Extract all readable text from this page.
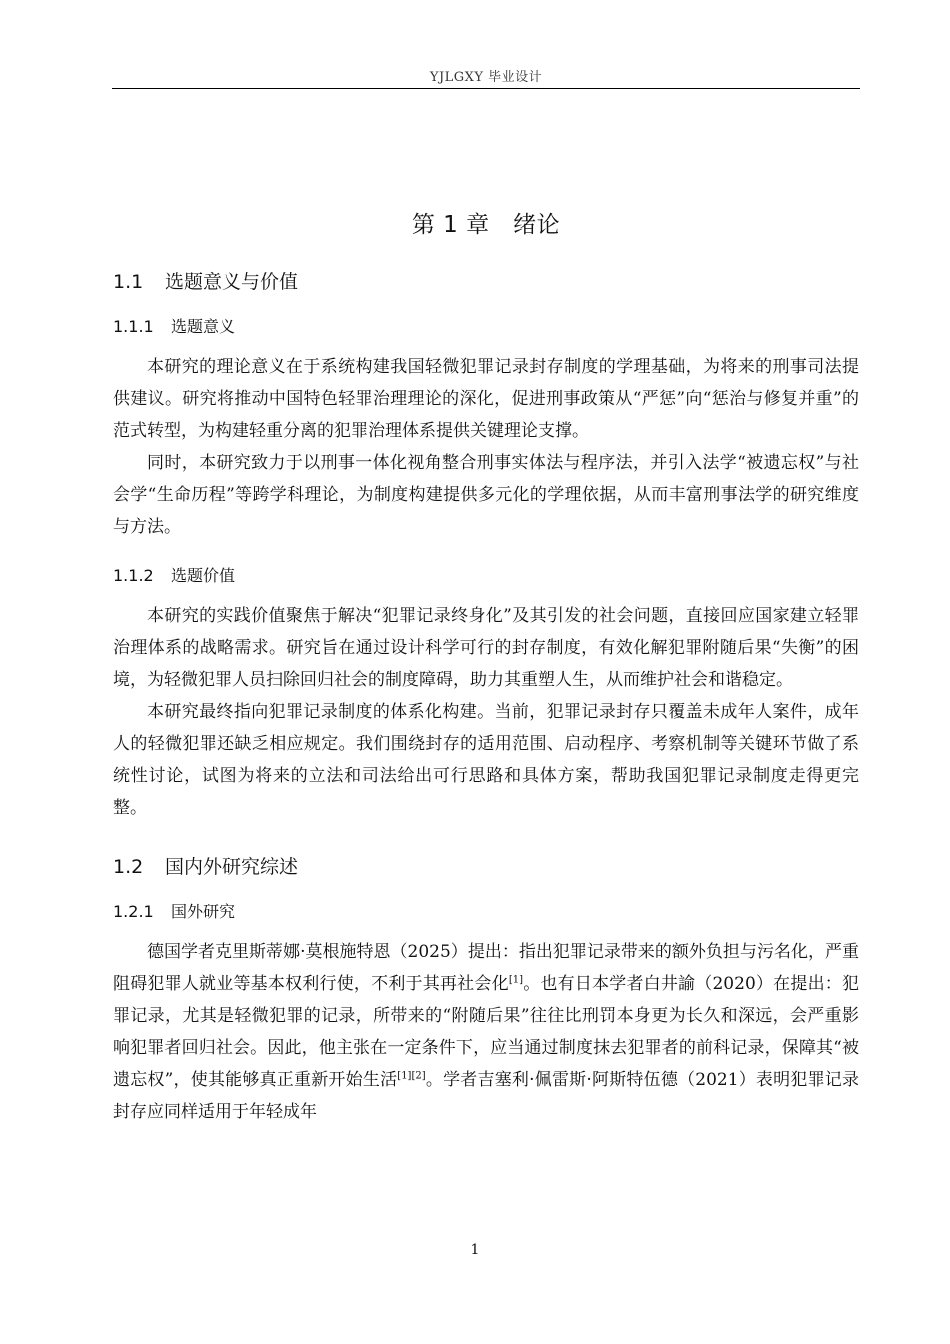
YJLGXY 毕业设计
第 1 章　绪论
1.1 选题意义与价值
1.1.1 选题意义

本研究的理论意义在于系统构建我国轻微犯罪记录封存制度的学理基础，为将来的刑事司法提供建议。研究将推动中国特色轻罪治理理论的深化，促进刑事政策从“严惩”向“惩治与修复并重”的范式转型，为构建轻重分离的犯罪治理体系提供关键理论支撑。

同时，本研究致力于以刑事一体化视角整合刑事实体法与程序法，并引入法学“被遗忘权”与社会学“生命历程”等跨学科理论，为制度构建提供多元化的学理依据，从而丰富刑事法学的研究维度与方法。

1.1.2 选题价值

本研究的实践价值聚焦于解决“犯罪记录终身化”及其引发的社会问题，直接回应国家建立轻罪治理体系的战略需求。研究旨在通过设计科学可行的封存制度，有效化解犯罪附随后果“失衡”的困境，为轻微犯罪人员扫除回归社会的制度障碍，助力其重塑人生，从而维护社会和谐稳定。

本研究最终指向犯罪记录制度的体系化构建。当前，犯罪记录封存只覆盖未成年人案件，成年人的轻微犯罪还缺乏相应规定。我们围绕封存的适用范围、启动程序、考察机制等关键环节做了系统性讨论，试图为将来的立法和司法给出可行思路和具体方案，帮助我国犯罪记录制度走得更完整。

1.2 国内外研究综述
1.2.1 国外研究

德国学者克里斯蒂娜·莫根施特恩（2025）提出：指出犯罪记录带来的额外负担与污名化，严重阻碍犯罪人就业等基本权利行使，不利于其再社会化[1]。也有日本学者白井諭（2020）在提出：犯罪记录，尤其是轻微犯罪的记录，所带来的“附随后果”往往比刑罚本身更为长久和深远，会严重影响犯罪者回归社会。因此，他主张在一定条件下，应当通过制度抹去犯罪者的前科记录，保障其“被遗忘权”，使其能够真正重新开始生活[1][2]。学者吉塞利·佩雷斯·阿斯特伍德（2021）表明犯罪记录封存应同样适用于年轻成年

1
